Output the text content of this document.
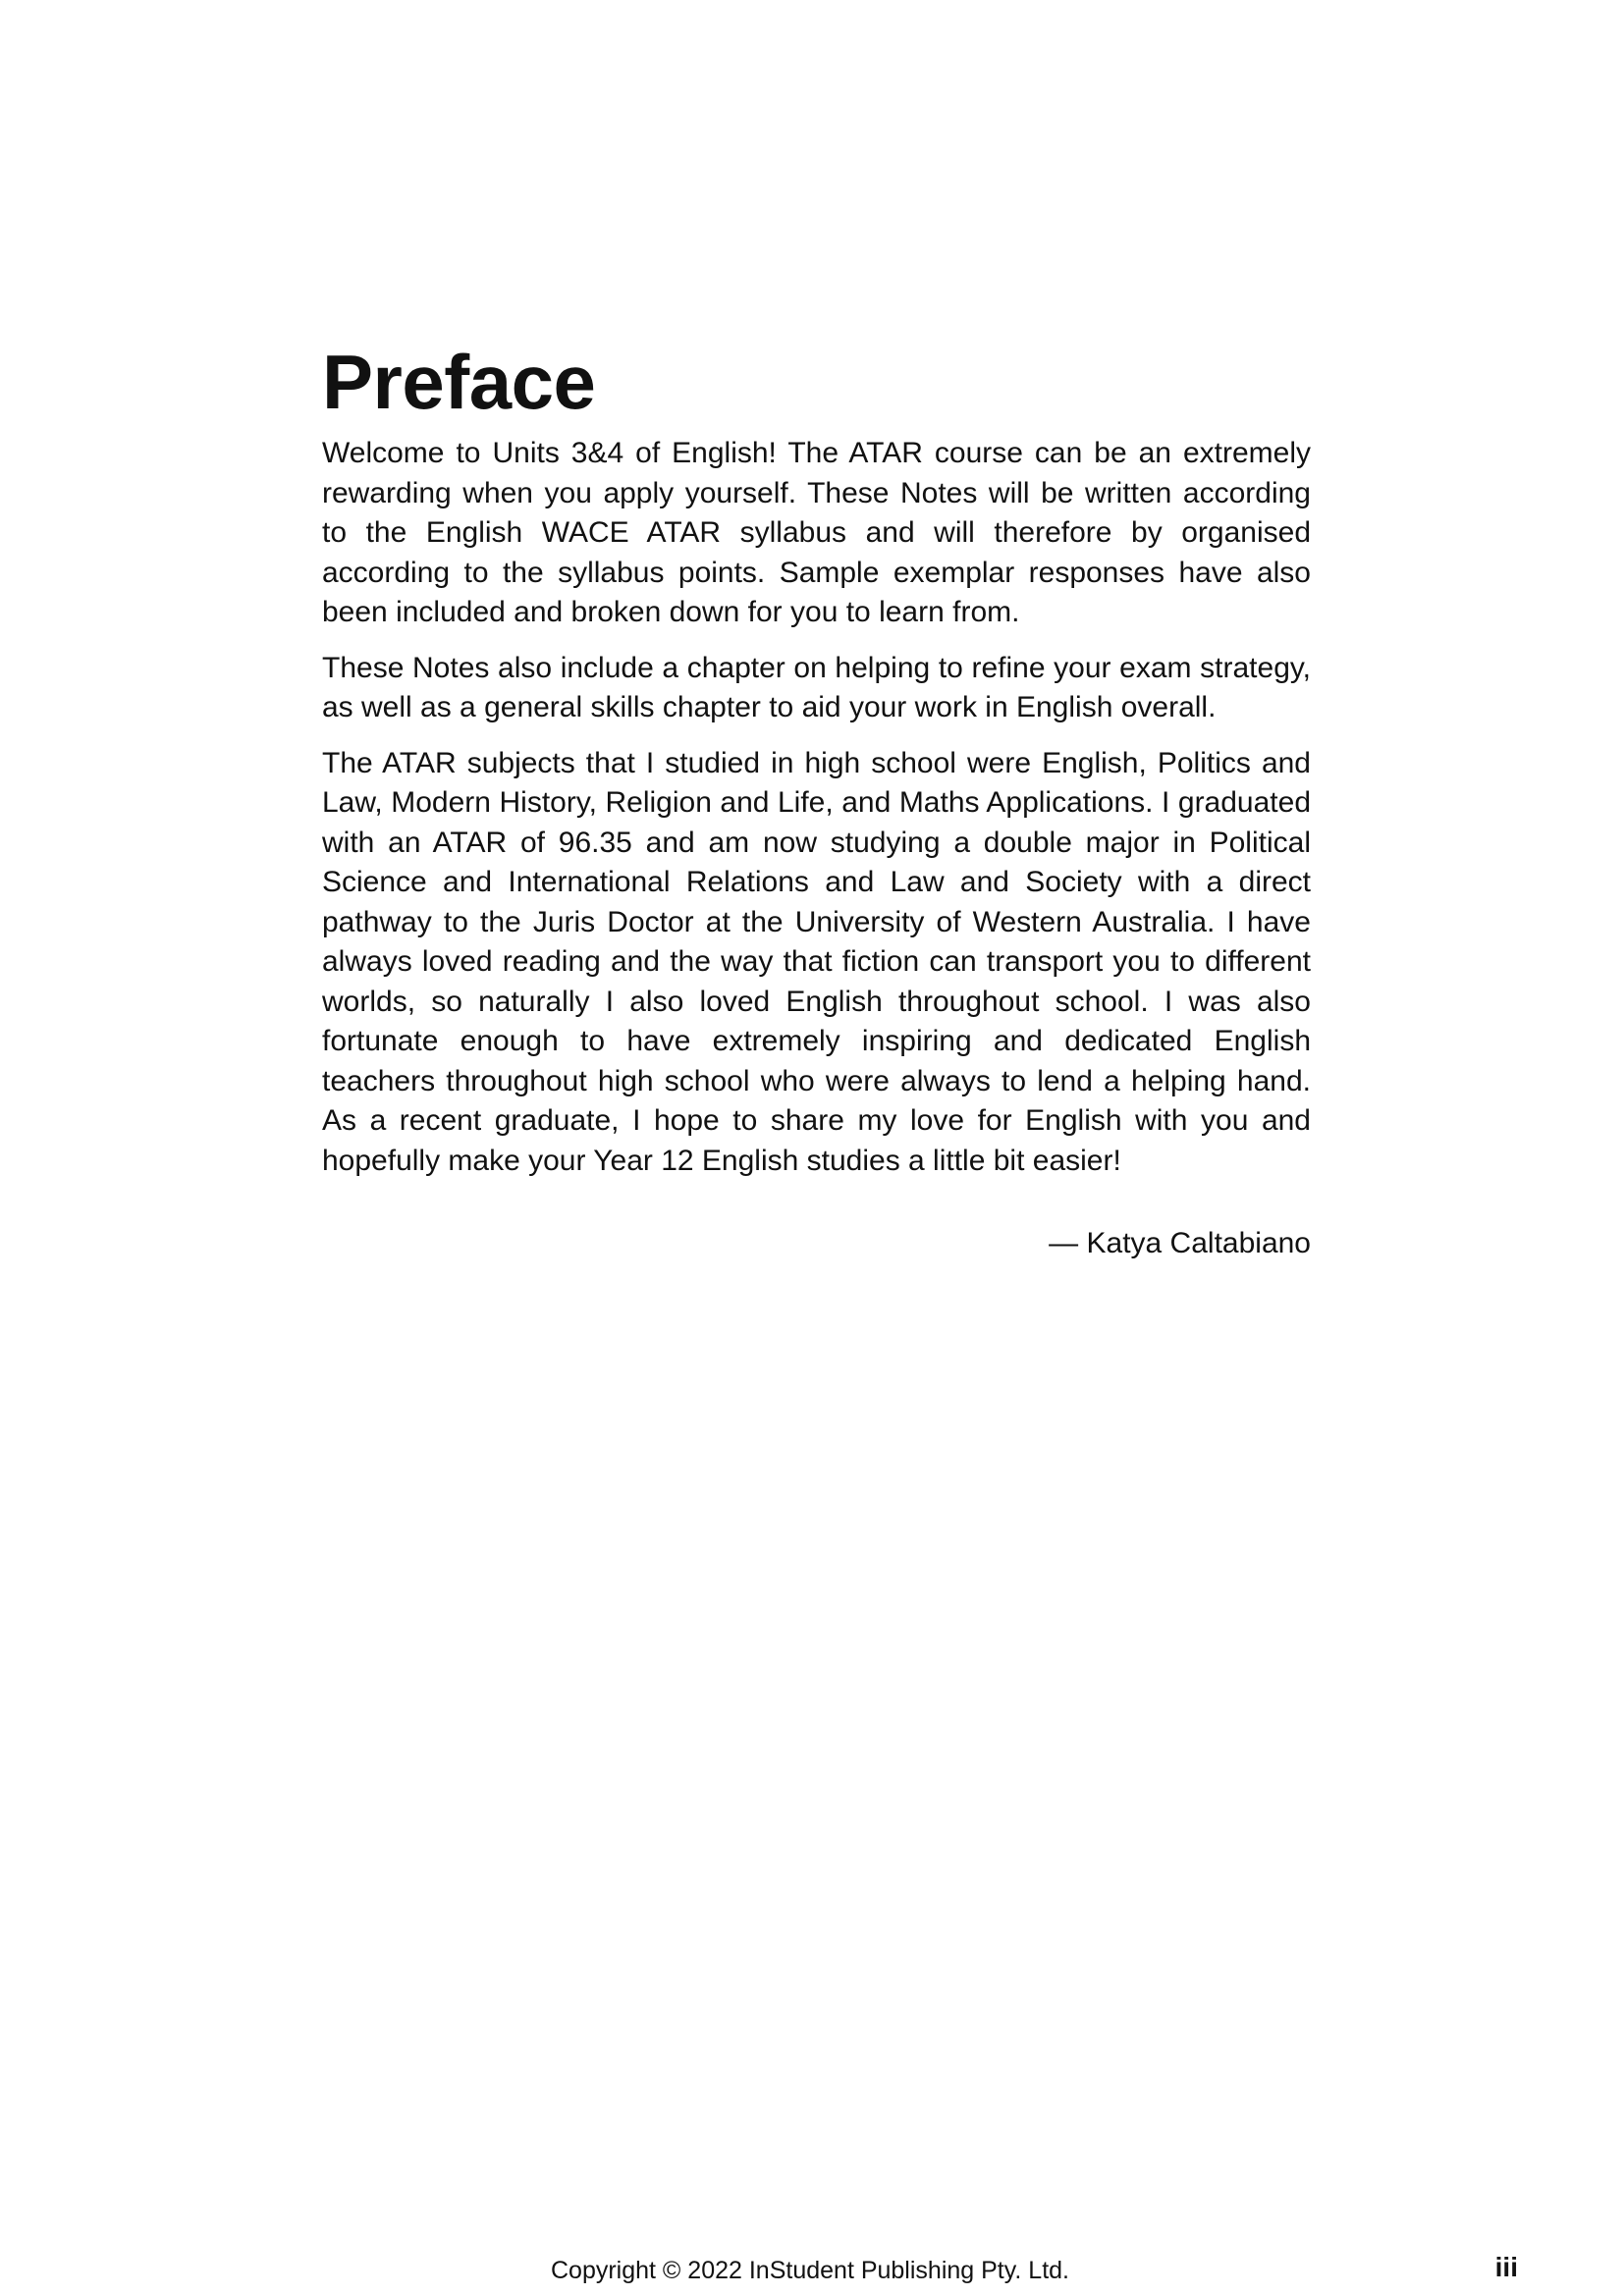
Preface

Welcome to Units 3&4 of English! The ATAR course can be an extremely rewarding when you apply yourself. These Notes will be written according to the English WACE ATAR syllabus and will therefore by organised according to the syllabus points. Sample exemplar responses have also been included and broken down for you to learn from.

These Notes also include a chapter on helping to refine your exam strategy, as well as a general skills chapter to aid your work in English overall.

The ATAR subjects that I studied in high school were English, Politics and Law, Modern History, Religion and Life, and Maths Applications. I graduated with an ATAR of 96.35 and am now studying a double major in Political Science and International Relations and Law and Society with a direct pathway to the Juris Doctor at the University of Western Australia. I have always loved reading and the way that fiction can transport you to different worlds, so naturally I also loved English throughout school. I was also fortunate enough to have extremely inspiring and dedicated English teachers throughout high school who were always to lend a helping hand. As a recent graduate, I hope to share my love for English with you and hopefully make your Year 12 English studies a little bit easier!

— Katya Caltabiano
Copyright © 2022 InStudent Publishing Pty. Ltd.	iii
